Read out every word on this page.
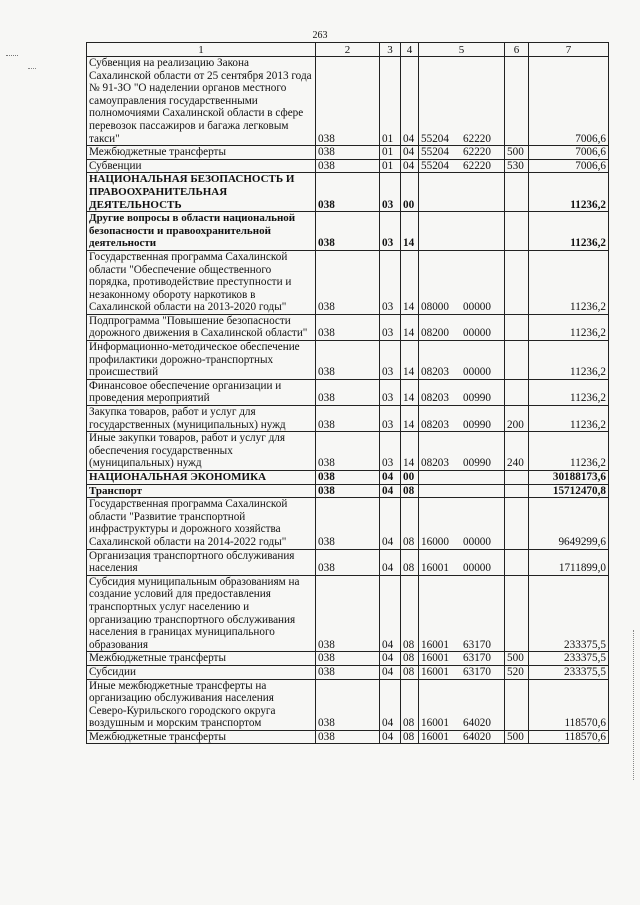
263
1	2	3	4	5	6	7
Субвенция на реализацию Закона Сахалинской области от 25 сентября 2013 года № 91-ЗО "О наделении органов местного самоуправления государственными полномочиями Сахалинской области в сфере перевозок пассажиров и багажа легковым такси"	038	01	04	55204 62220		7006,6
Межбюджетные трансферты	038	01	04	55204 62220	500	7006,6
Субвенции	038	01	04	55204 62220	530	7006,6
НАЦИОНАЛЬНАЯ БЕЗОПАСНОСТЬ И ПРАВООХРАНИТЕЛЬНАЯ ДЕЯТЕЛЬНОСТЬ	038	03	00			11236,2
Другие вопросы в области национальной безопасности и правоохранительной деятельности	038	03	14			11236,2
Государственная программа Сахалинской области "Обеспечение общественного порядка, противодействие преступности и незаконному обороту наркотиков в Сахалинской области на 2013-2020 годы"	038	03	14	08000 00000		11236,2
Подпрограмма "Повышение безопасности дорожного движения в Сахалинской области"	038	03	14	08200 00000		11236,2
Информационно-методическое обеспечение профилактики дорожно-транспортных происшествий	038	03	14	08203 00000		11236,2
Финансовое обеспечение организации и проведения мероприятий	038	03	14	08203 00990		11236,2
Закупка товаров, работ и услуг для государственных (муниципальных) нужд	038	03	14	08203 00990	200	11236,2
Иные закупки товаров, работ и услуг для обеспечения государственных (муниципальных) нужд	038	03	14	08203 00990	240	11236,2
НАЦИОНАЛЬНАЯ ЭКОНОМИКА	038	04	00			30188173,6
Транспорт	038	04	08			15712470,8
Государственная программа Сахалинской области "Развитие транспортной инфраструктуры и дорожного хозяйства Сахалинской области на 2014-2022 годы"	038	04	08	16000 00000		9649299,6
Организация транспортного обслуживания населения	038	04	08	16001 00000		1711899,0
Субсидия муниципальным образованиям на создание условий для предоставления транспортных услуг населению и организацию транспортного обслуживания населения в границах муниципального образования	038	04	08	16001 63170		233375,5
Межбюджетные трансферты	038	04	08	16001 63170	500	233375,5
Субсидии	038	04	08	16001 63170	520	233375,5
Иные межбюджетные трансферты на организацию обслуживания населения Северо-Курильского городского округа воздушным и морским транспортом	038	04	08	16001 64020		118570,6
Межбюджетные трансферты	038	04	08	16001 64020	500	118570,6
